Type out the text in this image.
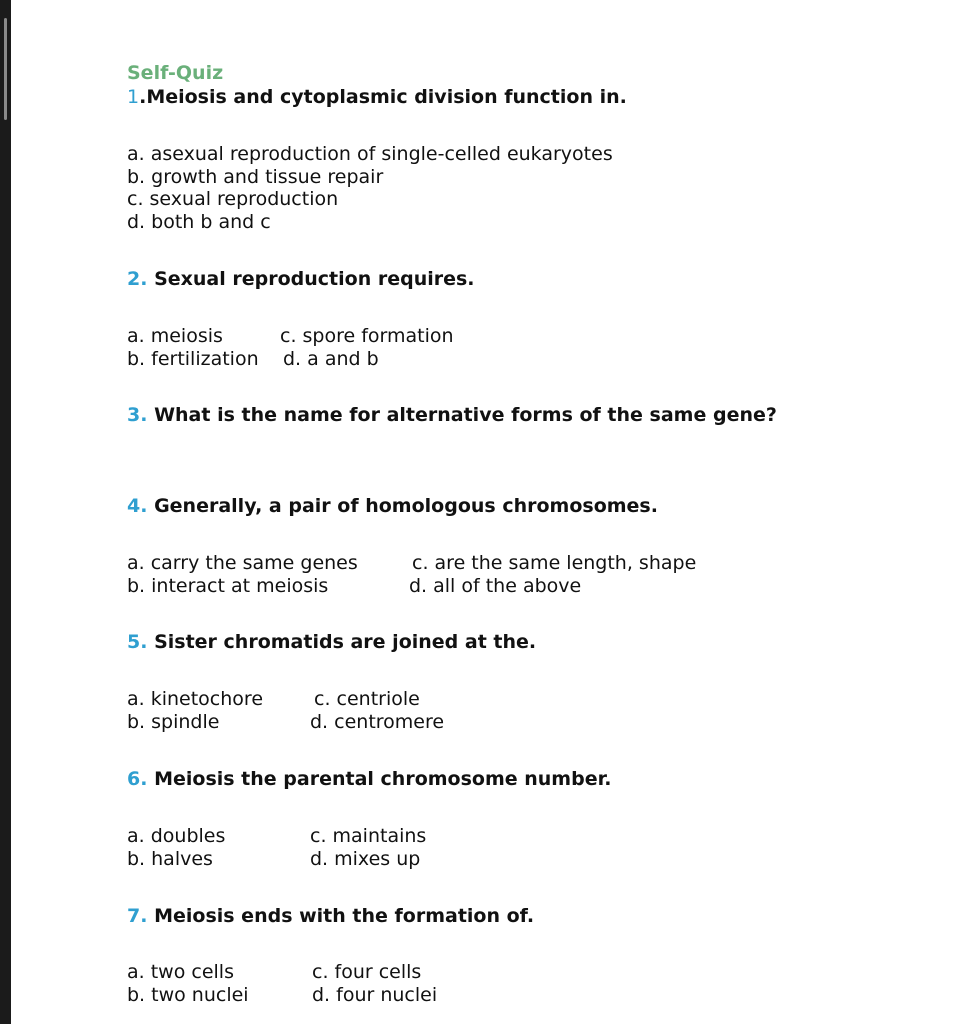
Self-Quiz
1.Meiosis and cytoplasmic division function in.
a. asexual reproduction of single-celled eukaryotes
b. growth and tissue repair
c. sexual reproduction
d. both b and c
2. Sexual reproduction requires.
a. meiosis	c. spore formation
b. fertilization d. a and b
3. What is the name for alternative forms of the same gene?
4. Generally, a pair of homologous chromosomes.
a. carry the same genes	c. are the same length, shape
b. interact at meiosis	d. all of the above
5. Sister chromatids are joined at the.
a. kinetochore	c. centriole
b. spindle	d. centromere
6. Meiosis the parental chromosome number.
a. doubles	c. maintains
b. halves	d. mixes up
7. Meiosis ends with the formation of.
a. two cells	c. four cells
b. two nuclei	d. four nuclei
